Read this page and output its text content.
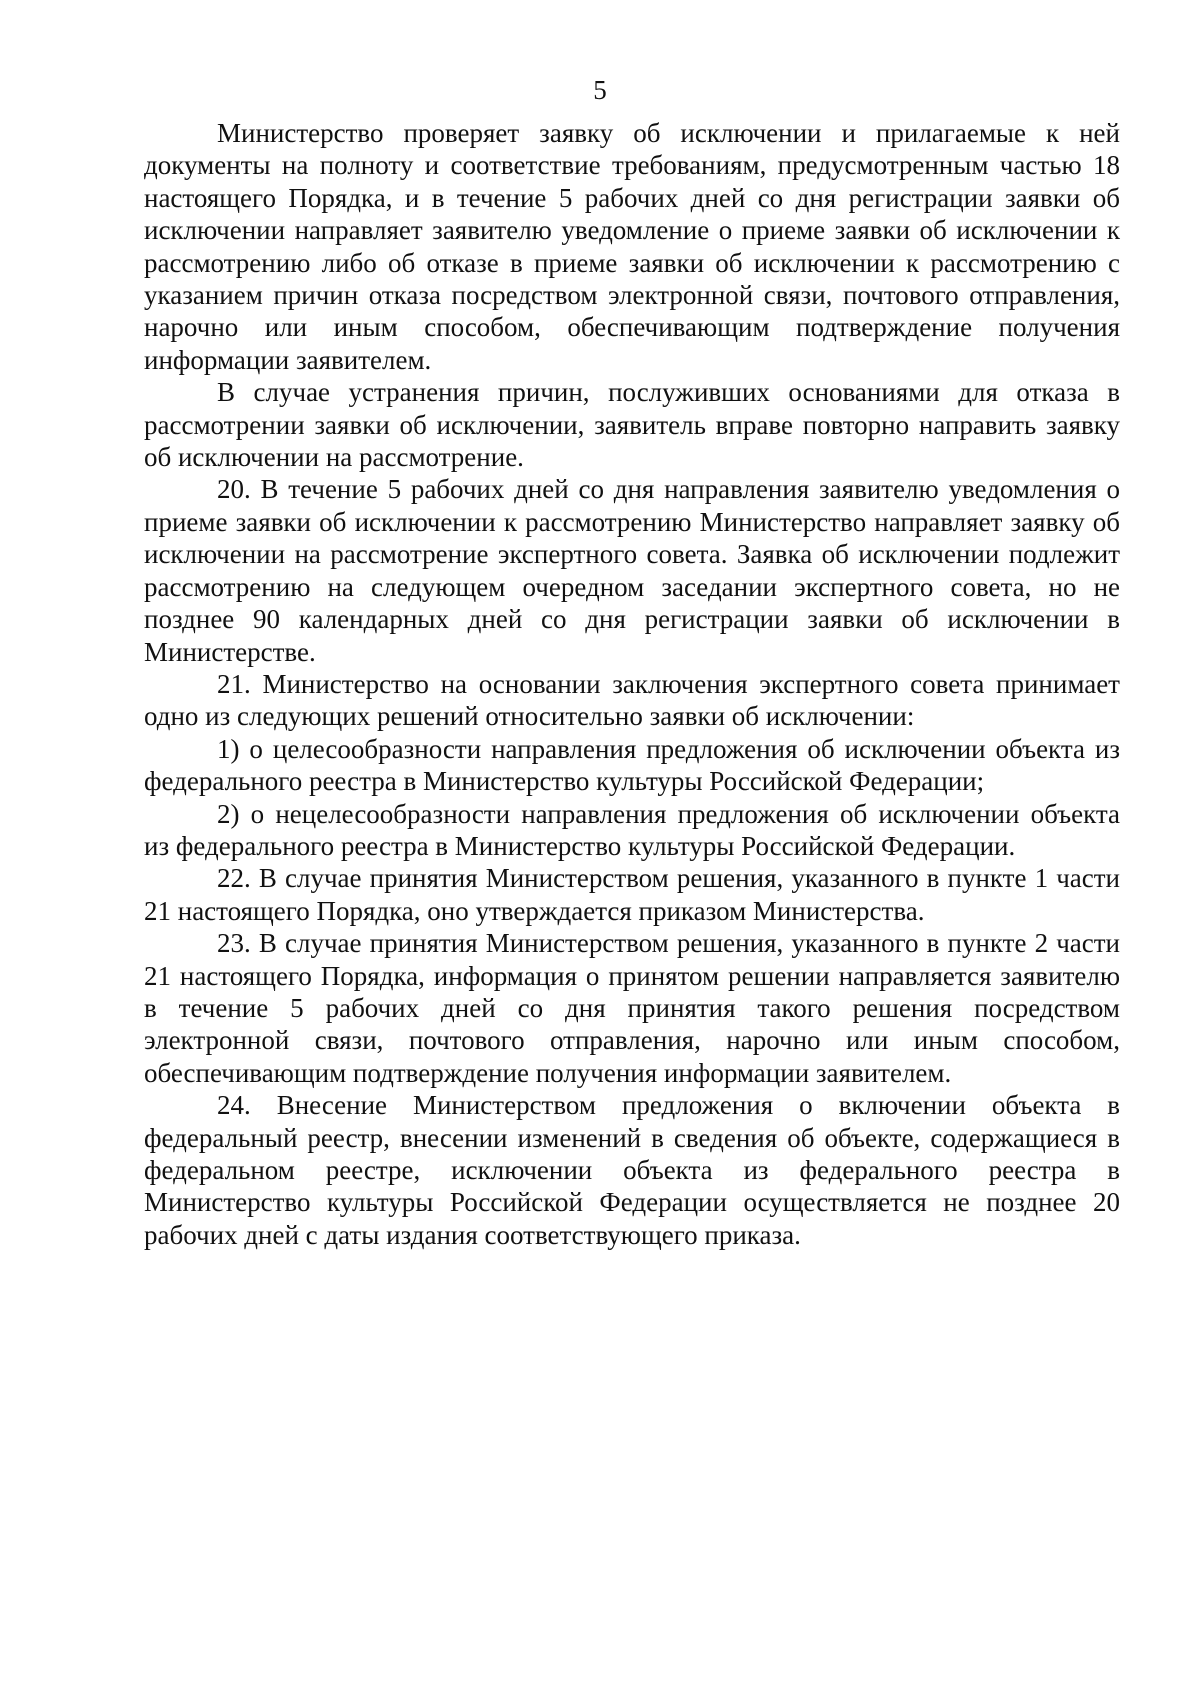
5

Министерство проверяет заявку об исключении и прилагаемые к ней документы на полноту и соответствие требованиям, предусмотренным частью 18 настоящего Порядка, и в течение 5 рабочих дней со дня регистрации заявки об исключении направляет заявителю уведомление о приеме заявки об исключении к рассмотрению либо об отказе в приеме заявки об исключении к рассмотрению с указанием причин отказа посредством электронной связи, почтового отправления, нарочно или иным способом, обеспечивающим подтверждение получения информации заявителем.

В случае устранения причин, послуживших основаниями для отказа в рассмотрении заявки об исключении, заявитель вправе повторно направить заявку об исключении на рассмотрение.

20. В течение 5 рабочих дней со дня направления заявителю уведомления о приеме заявки об исключении к рассмотрению Министерство направляет заявку об исключении на рассмотрение экспертного совета. Заявка об исключении подлежит рассмотрению на следующем очередном заседании экспертного совета, но не позднее 90 календарных дней со дня регистрации заявки об исключении в Министерстве.

21. Министерство на основании заключения экспертного совета принимает одно из следующих решений относительно заявки об исключении:

1) о целесообразности направления предложения об исключении объекта из федерального реестра в Министерство культуры Российской Федерации;

2) о нецелесообразности направления предложения об исключении объекта из федерального реестра в Министерство культуры Российской Федерации.

22. В случае принятия Министерством решения, указанного в пункте 1 части 21 настоящего Порядка, оно утверждается приказом Министерства.

23. В случае принятия Министерством решения, указанного в пункте 2 части 21 настоящего Порядка, информация о принятом решении направляется заявителю в течение 5 рабочих дней со дня принятия такого решения посредством электронной связи, почтового отправления, нарочно или иным способом, обеспечивающим подтверждение получения информации заявителем.

24. Внесение Министерством предложения о включении объекта в федеральный реестр, внесении изменений в сведения об объекте, содержащиеся в федеральном реестре, исключении объекта из федерального реестра в Министерство культуры Российской Федерации осуществляется не позднее 20 рабочих дней с даты издания соответствующего приказа.
